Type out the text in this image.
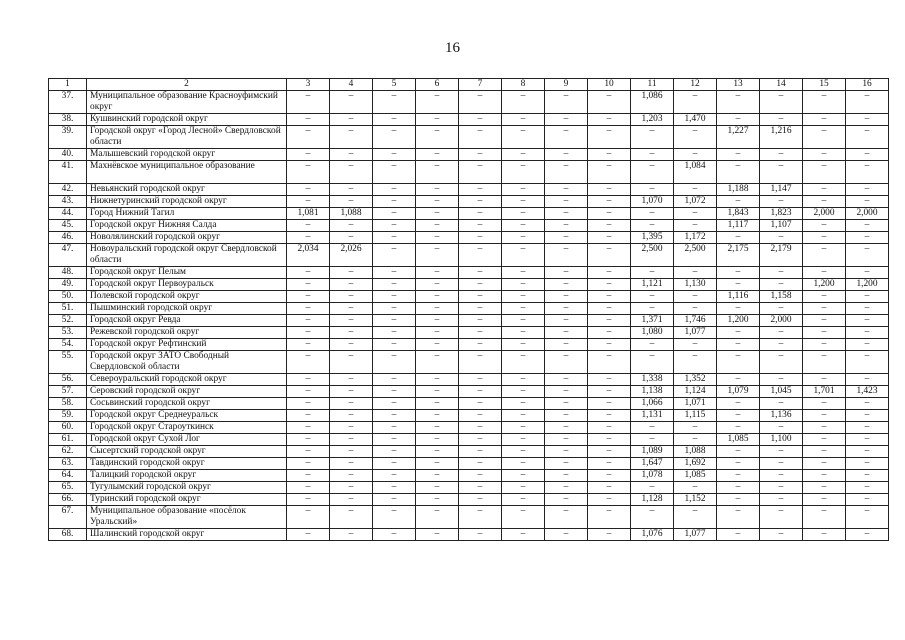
16
1	2	3	4	5	6	7	8	9	10	11	12	13	14	15	16
37.	Муниципальное образование Красноуфимский округ	–	–	–	–	–	–	–	–	1,086	–	–	–	–	–
38.	Кушвинский городской округ	–	–	–	–	–	–	–	–	1,203	1,470	–	–	–	–
39.	Городской округ «Город Лесной» Свердловской области	–	–	–	–	–	–	–	–	–	–	1,227	1,216	–	–
40.	Малышевский городской округ	–	–	–	–	–	–	–	–	–	–	–	–	–	–
41.	Махнёвское муниципальное образование	–	–	–	–	–	–	–	–	–	1,084	–	–	–	–
42.	Невьянский городской округ	–	–	–	–	–	–	–	–	–	–	1,188	1,147	–	–
43.	Нижнетуринский городской округ	–	–	–	–	–	–	–	–	1,070	1,072	–	–	–	–
44.	Город Нижний Тагил	1,081	1,088	–	–	–	–	–	–	–	–	1,843	1,823	2,000	2,000
45.	Городской округ Нижняя Салда	–	–	–	–	–	–	–	–	–	–	1,117	1,107	–	–
46.	Новолялинский городской округ	–	–	–	–	–	–	–	–	1,395	1,172	–	–	–	–
47.	Новоуральский городской округ Свердловской области	2,034	2,026	–	–	–	–	–	–	2,500	2,500	2,175	2,179	–	–
48.	Городской округ Пелым	–	–	–	–	–	–	–	–	–	–	–	–	–	–
49.	Городской округ Первоуральск	–	–	–	–	–	–	–	–	1,121	1,130	–	–	1,200	1,200
50.	Полевской городской округ	–	–	–	–	–	–	–	–	–	–	1,116	1,158	–	–
51.	Пышминский городской округ	–	–	–	–	–	–	–	–	–	–	–	–	–	–
52.	Городской округ Ревда	–	–	–	–	–	–	–	–	1,371	1,746	1,200	2,000	–	–
53.	Режевской городской округ	–	–	–	–	–	–	–	–	1,080	1,077	–	–	–	–
54.	Городской округ Рефтинский	–	–	–	–	–	–	–	–	–	–	–	–	–	–
55.	Городской округ ЗАТО Свободный Свердловской области	–	–	–	–	–	–	–	–	–	–	–	–	–	–
56.	Североуральский городской округ	–	–	–	–	–	–	–	–	1,338	1,352	–	–	–	–
57.	Серовский городской округ	–	–	–	–	–	–	–	–	1,138	1,124	1,079	1,045	1,701	1,423
58.	Сосьвинский городской округ	–	–	–	–	–	–	–	–	1,066	1,071	–	–	–	–
59.	Городской округ Среднеуральск	–	–	–	–	–	–	–	–	1,131	1,115	–	1,136	–	–
60.	Городской округ Староуткинск	–	–	–	–	–	–	–	–	–	–	–	–	–	–
61.	Городской округ Сухой Лог	–	–	–	–	–	–	–	–	–	–	1,085	1,100	–	–
62.	Сысертский городской округ	–	–	–	–	–	–	–	–	1,089	1,088	–	–	–	–
63.	Тавдинский городской округ	–	–	–	–	–	–	–	–	1,647	1,692	–	–	–	–
64.	Талицкий городской округ	–	–	–	–	–	–	–	–	1,078	1,085	–	–	–	–
65.	Тугулымский городской округ	–	–	–	–	–	–	–	–	–	–	–	–	–	–
66.	Туринский городской округ	–	–	–	–	–	–	–	–	1,128	1,152	–	–	–	–
67.	Муниципальное образование «посёлок Уральский»	–	–	–	–	–	–	–	–	–	–	–	–	–	–
68.	Шалинский городской округ	–	–	–	–	–	–	–	–	1,076	1,077	–	–	–	–
